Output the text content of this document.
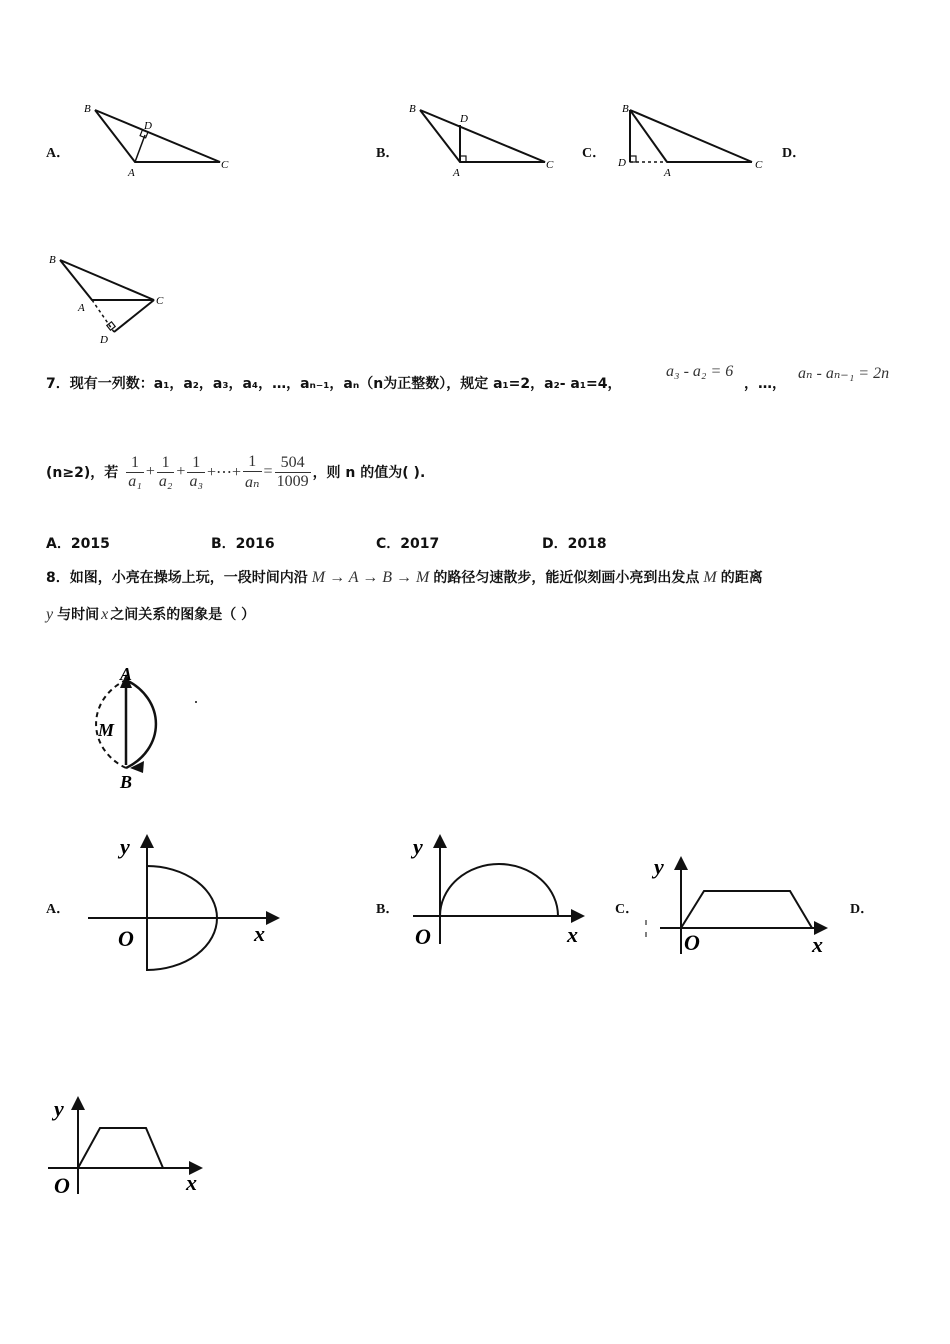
A．
B
D
A
C
B．
B
D
A
C
C．
B
D
A
C
D．
B
A
C
D
7．现有一列数：a₁，a₂，a₃，a₄，…，aₙ₋₁，aₙ（n为正整数），规定 a₁=2，a₂- a₁=4，
a₃ - a₂ = 6
，…，
aₙ - aₙ₋₁ = 2n
(n≥2)，若 $\frac{1}{\text{a₁}} + \frac{1}{\text{a₂}} + \frac{1}{\text{a₃}}$ +⋯+ $\frac{1}{\text{aₙ}} = \frac{504}{1009}$ ，则 n 的值为( ).
A．2015	B．2016	C．2017	D．2018
8． 如图，小亮在操场上玩，一段时间内沿 M → A → B → M 的路径匀速散步，能近似刻画小亮到出发点 M 的距离
y 与时间 x 之间关系的图象是（ ）
A
M
B
A．
y
O	x
B．
y
O	x
C．
y
O	x
D．
y
O	x
